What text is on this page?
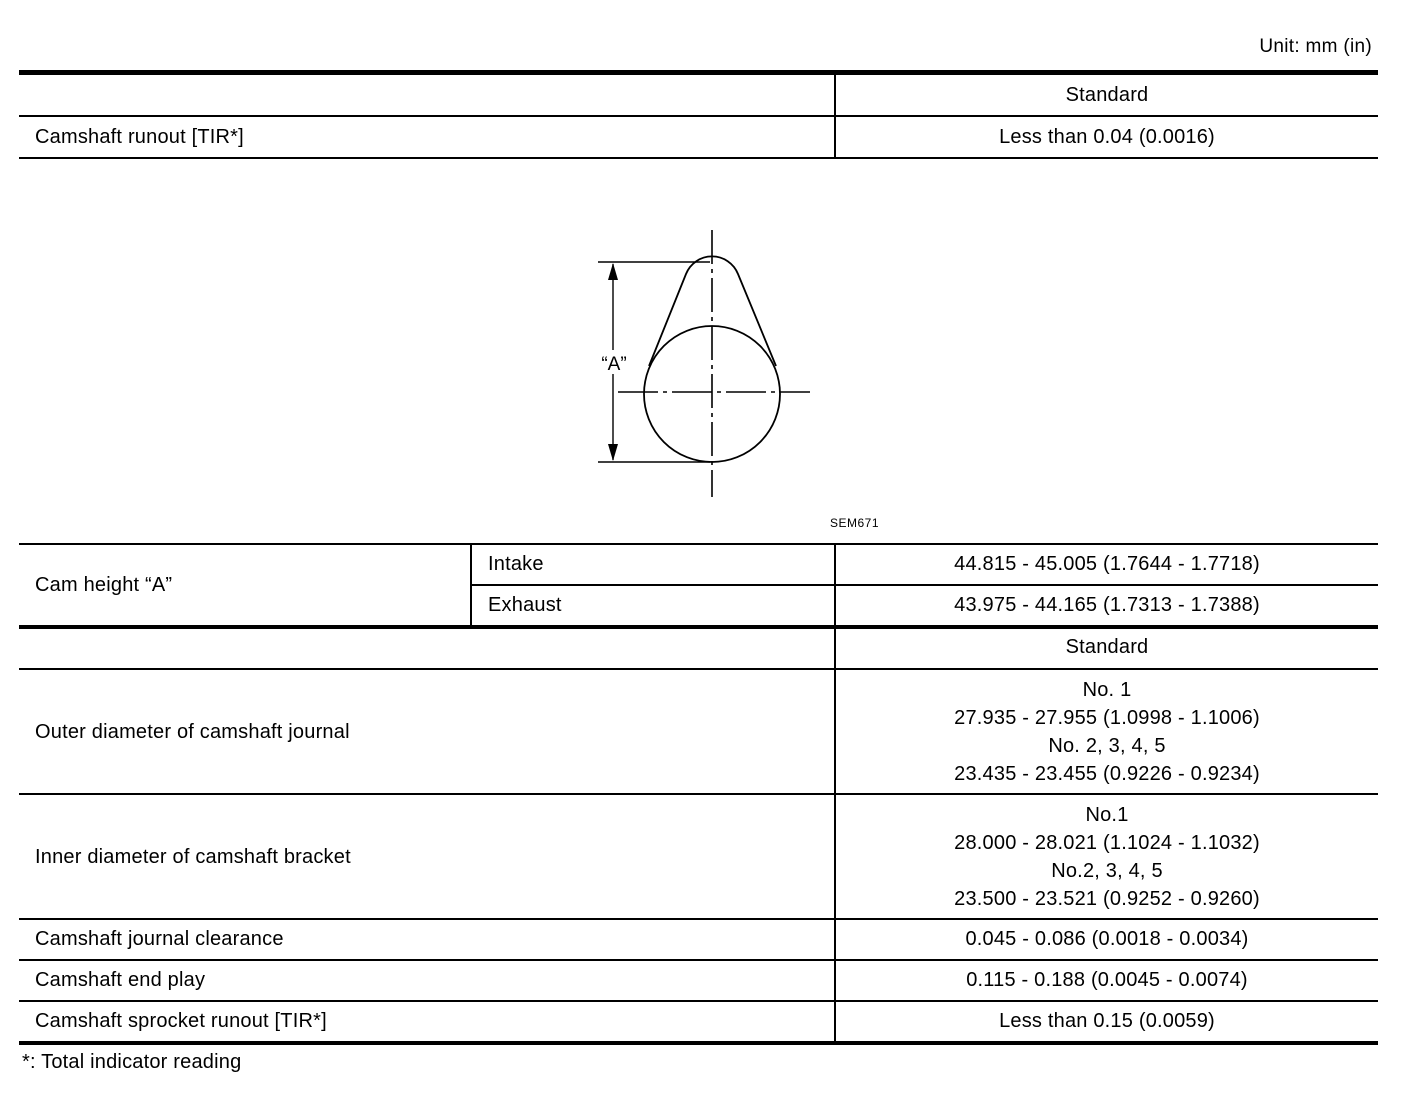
Unit: mm (in)
	Standard
Camshaft runout [TIR*]	Less than 0.04 (0.0016)
“A”
SEM671
Cam height “A”	Intake	44.815 - 45.005 (1.7644 - 1.7718)
	Exhaust	43.975 - 44.165 (1.7313 - 1.7388)
	Standard
Outer diameter of camshaft journal	No. 1
27.935 - 27.955 (1.0998 - 1.1006)
No. 2, 3, 4, 5
23.435 - 23.455 (0.9226 - 0.9234)

Inner diameter of camshaft bracket	No.1
28.000 - 28.021 (1.1024 - 1.1032)
No.2, 3, 4, 5
23.500 - 23.521 (0.9252 - 0.9260)

Camshaft journal clearance	0.045 - 0.086 (0.0018 - 0.0034)
Camshaft end play	0.115 - 0.188 (0.0045 - 0.0074)
Camshaft sprocket runout [TIR*]	Less than 0.15 (0.0059)
*: Total indicator reading
